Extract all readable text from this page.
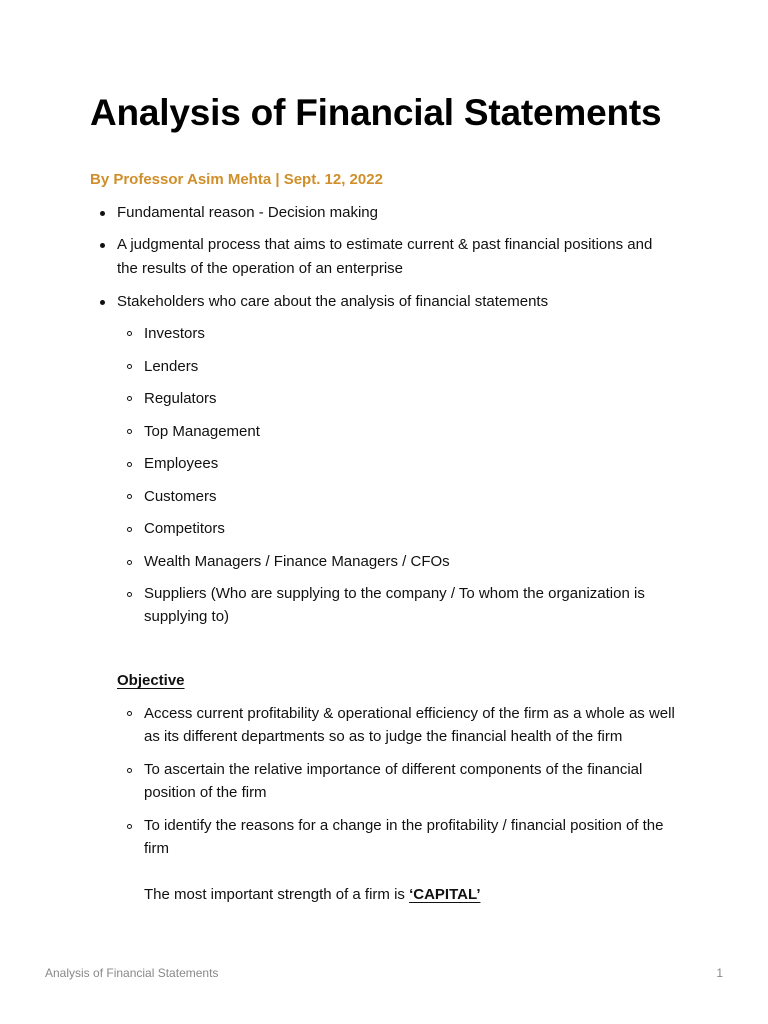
Analysis of Financial Statements
By Professor Asim Mehta | Sept. 12, 2022
Fundamental reason - Decision making
A judgmental process that aims to estimate current & past financial positions and
the results of the operation of an enterprise
Stakeholders who care about the analysis of financial statements
Investors
Lenders
Regulators
Top Management
Employees
Customers
Competitors
Wealth Managers / Finance Managers / CFOs
Suppliers (Who are supplying to the company / To whom the organization is
supplying to)
Objective
Access current profitability & operational efficiency of the firm as a whole as well
as its different departments so as to judge the financial health of the firm
To ascertain the relative importance of different components of the financial
position of the firm
To identify the reasons for a change in the profitability / financial position of the
firm
The most important strength of a firm is ‘CAPITAL’
Analysis of Financial Statements	1
